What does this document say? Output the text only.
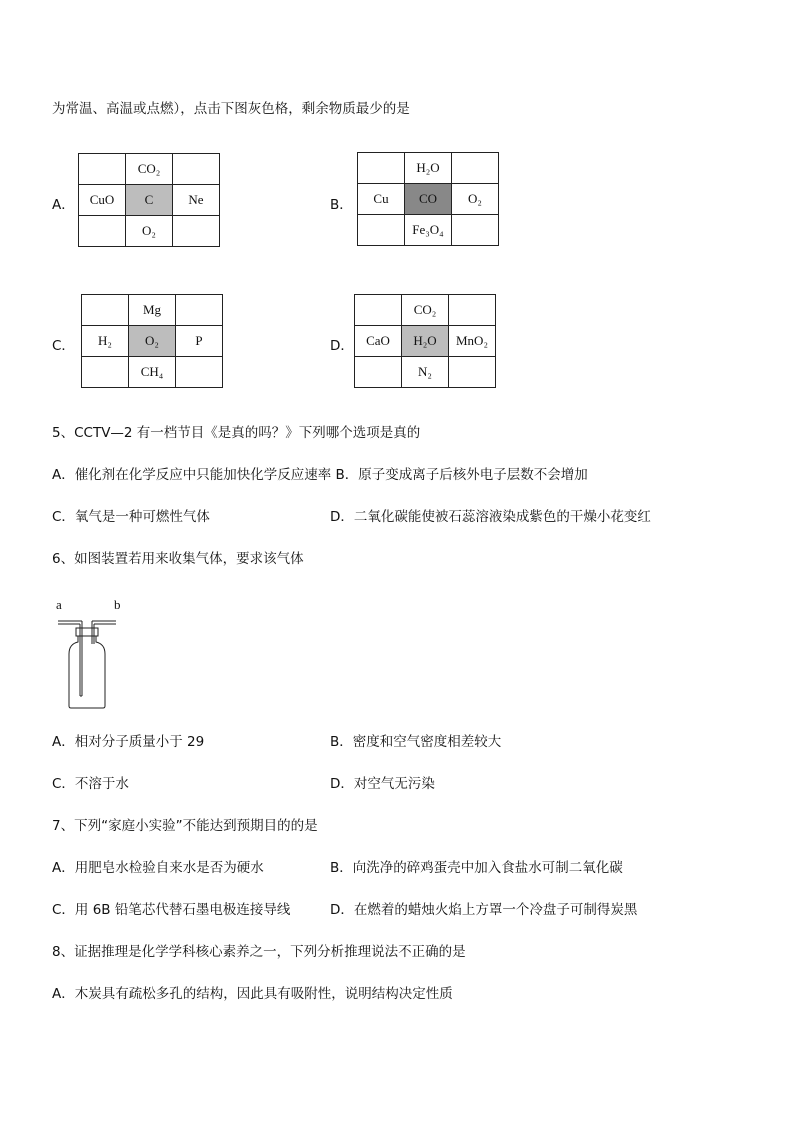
为常温、高温或点燃），点击下图灰色格，剩余物质最少的是
A．
	CO₂	
CuO	C	Ne
	O₂	
B．
	H₂O	
Cu	CO	O₂
	Fe₃O₄	
C．
	Mg	
H₂	O₂	P
	CH₄	
D．
	CO₂	
CaO	H₂O	MnO₂
	N₂	
5、CCTV—2 有一档节目《是真的吗？》下列哪个选项是真的
A．催化剂在化学反应中只能加快化学反应速率 B．原子变成离子后核外电子层数不会增加
C．氧气是一种可燃性气体	D．二氧化碳能使被石蕊溶液染成紫色的干燥小花变红
6、如图装置若用来收集气体，要求该气体
a	b
A．相对分子质量小于 29	B．密度和空气密度相差较大
C．不溶于水	D．对空气无污染
7、下列“家庭小实验”不能达到预期目的的是
A．用肥皂水检验自来水是否为硬水	B．向洗净的碎鸡蛋壳中加入食盐水可制二氧化碳
C．用 6B 铅笔芯代替石墨电极连接导线	D．在燃着的蜡烛火焰上方罩一个冷盘子可制得炭黑
8、证据推理是化学学科核心素养之一，下列分析推理说法不正确的是
A．木炭具有疏松多孔的结构，因此具有吸附性，说明结构决定性质
